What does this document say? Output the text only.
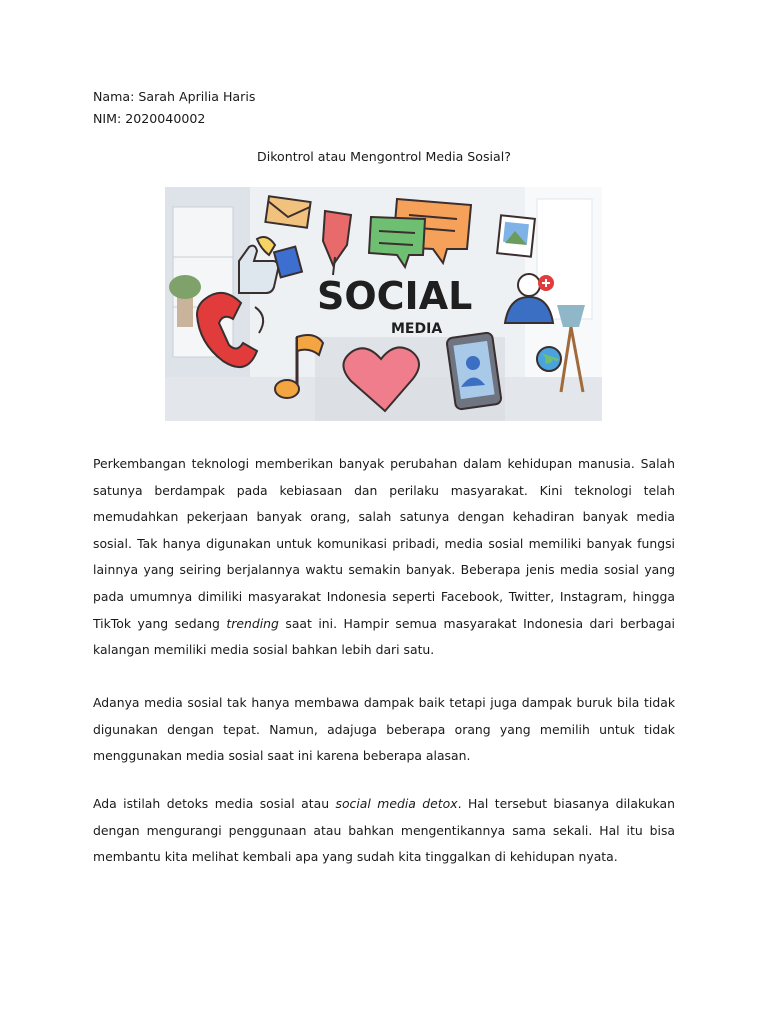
Nama: Sarah Aprilia Haris
NIM: 2020040002
Dikontrol atau Mengontrol Media Sosial?
SOCIAL
MEDIA

Perkembangan teknologi memberikan banyak perubahan dalam kehidupan manusia. Salah satunya berdampak pada kebiasaan dan perilaku masyarakat. Kini teknologi telah memudahkan pekerjaan banyak orang, salah satunya dengan kehadiran banyak media sosial. Tak hanya digunakan untuk komunikasi pribadi, media sosial memiliki banyak fungsi lainnya yang seiring berjalannya waktu semakin banyak. Beberapa jenis media sosial yang pada umumnya dimiliki masyarakat Indonesia seperti Facebook, Twitter, Instagram, hingga TikTok yang sedang trending saat ini. Hampir semua masyarakat Indonesia dari berbagai kalangan memiliki media sosial bahkan lebih dari satu.

Adanya media sosial tak hanya membawa dampak baik tetapi juga dampak buruk bila tidak digunakan dengan tepat. Namun, adajuga beberapa orang yang memilih untuk tidak menggunakan media sosial saat ini karena beberapa alasan.

Ada istilah detoks media sosial atau social media detox. Hal tersebut biasanya dilakukan dengan mengurangi penggunaan atau bahkan mengentikannya sama sekali. Hal itu bisa membantu kita melihat kembali apa yang sudah kita tinggalkan di kehidupan nyata.
